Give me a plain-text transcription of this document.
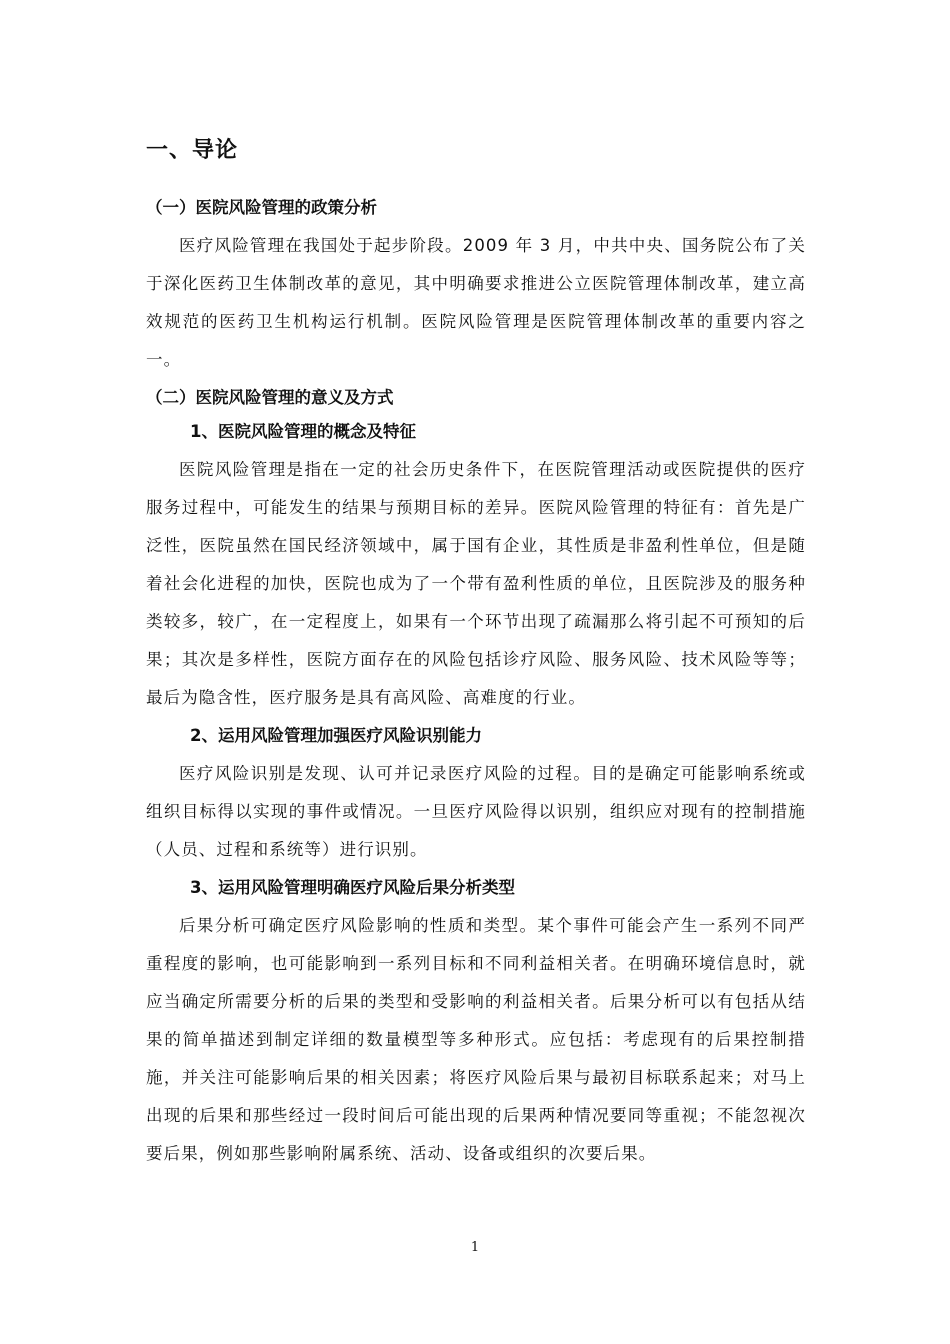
一、导论
（一）医院风险管理的政策分析

医疗风险管理在我国处于起步阶段。2009 年 3 月，中共中央、国务院公布了关于深化医药卫生体制改革的意见，其中明确要求推进公立医院管理体制改革，建立高效规范的医药卫生机构运行机制。医院风险管理是医院管理体制改革的重要内容之一。

（二）医院风险管理的意义及方式
1、医院风险管理的概念及特征

医院风险管理是指在一定的社会历史条件下，在医院管理活动或医院提供的医疗服务过程中，可能发生的结果与预期目标的差异。医院风险管理的特征有：首先是广泛性，医院虽然在国民经济领域中，属于国有企业，其性质是非盈利性单位，但是随着社会化进程的加快，医院也成为了一个带有盈利性质的单位，且医院涉及的服务种类较多，较广，在一定程度上，如果有一个环节出现了疏漏那么将引起不可预知的后果；其次是多样性，医院方面存在的风险包括诊疗风险、服务风险、技术风险等等；最后为隐含性，医疗服务是具有高风险、高难度的行业。

2、运用风险管理加强医疗风险识别能力

医疗风险识别是发现、认可并记录医疗风险的过程。目的是确定可能影响系统或组织目标得以实现的事件或情况。一旦医疗风险得以识别，组织应对现有的控制措施（人员、过程和系统等）进行识别。

3、运用风险管理明确医疗风险后果分析类型

后果分析可确定医疗风险影响的性质和类型。某个事件可能会产生一系列不同严重程度的影响，也可能影响到一系列目标和不同利益相关者。在明确环境信息时，就应当确定所需要分析的后果的类型和受影响的利益相关者。后果分析可以有包括从结果的简单描述到制定详细的数量模型等多种形式。应包括：考虑现有的后果控制措施，并关注可能影响后果的相关因素；将医疗风险后果与最初目标联系起来；对马上出现的后果和那些经过一段时间后可能出现的后果两种情况要同等重视；不能忽视次要后果，例如那些影响附属系统、活动、设备或组织的次要后果。

1
